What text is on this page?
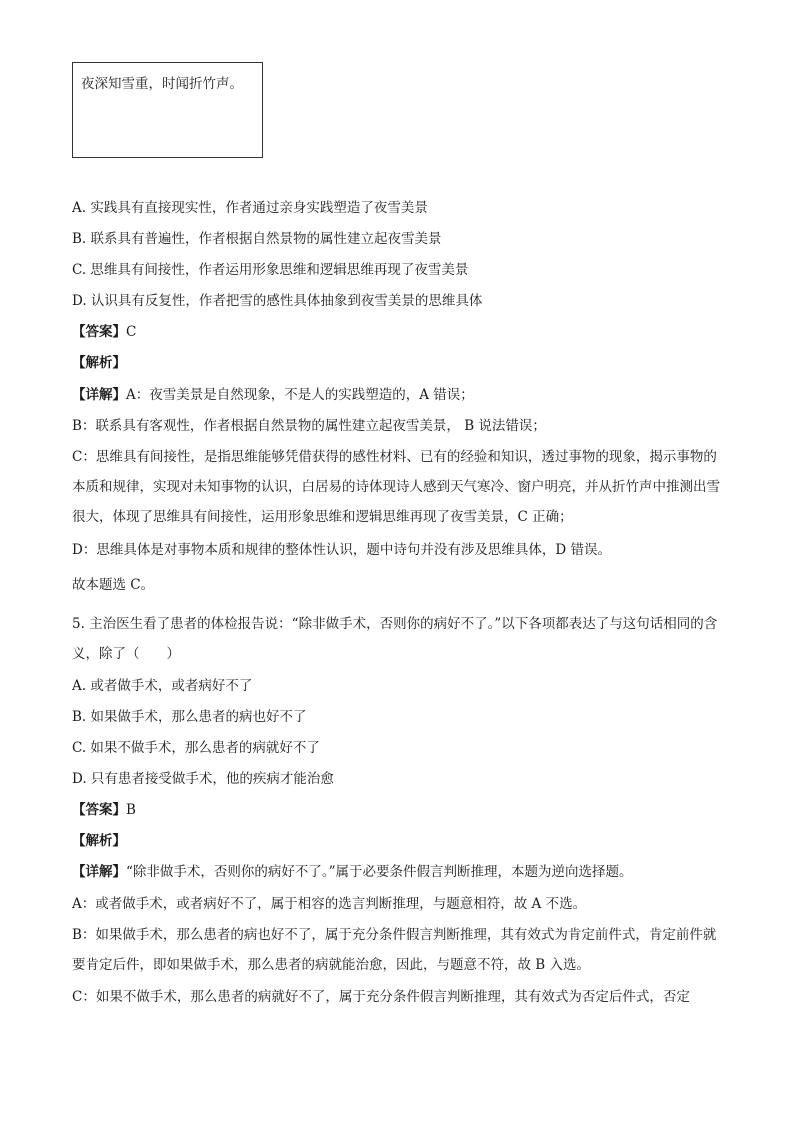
夜深知雪重，时闻折竹声。
A. 实践具有直接现实性，作者通过亲身实践塑造了夜雪美景
B. 联系具有普遍性，作者根据自然景物的属性建立起夜雪美景
C. 思维具有间接性，作者运用形象思维和逻辑思维再现了夜雪美景
D. 认识具有反复性，作者把雪的感性具体抽象到夜雪美景的思维具体
【答案】C
【解析】
【详解】A：夜雪美景是自然现象，不是人的实践塑造的，A 错误；
B：联系具有客观性，作者根据自然景物的属性建立起夜雪美景， B 说法错误；
C：思维具有间接性，是指思维能够凭借获得的感性材料、已有的经验和知识，透过事物的现象，揭示事物的本质和规律，实现对未知事物的认识，白居易的诗体现诗人感到天气寒冷、窗户明亮，并从折竹声中推测出雪很大，体现了思维具有间接性，运用形象思维和逻辑思维再现了夜雪美景，C 正确；
D：思维具体是对事物本质和规律的整体性认识，题中诗句并没有涉及思维具体，D 错误。
故本题选 C。
5. 主治医生看了患者的体检报告说：“除非做手术，否则你的病好不了。”以下各项都表达了与这句话相同的含义，除了（　　）
A. 或者做手术，或者病好不了
B. 如果做手术，那么患者的病也好不了
C. 如果不做手术，那么患者的病就好不了
D. 只有患者接受做手术，他的疾病才能治愈
【答案】B
【解析】
【详解】“除非做手术，否则你的病好不了。”属于必要条件假言判断推理，本题为逆向选择题。
A：或者做手术，或者病好不了，属于相容的选言判断推理，与题意相符，故 A 不选。
B：如果做手术，那么患者的病也好不了，属于充分条件假言判断推理，其有效式为肯定前件式，肯定前件就要肯定后件，即如果做手术，那么患者的病就能治愈，因此，与题意不符，故 B 入选。
C：如果不做手术，那么患者的病就好不了，属于充分条件假言判断推理，其有效式为否定后件式，否定
